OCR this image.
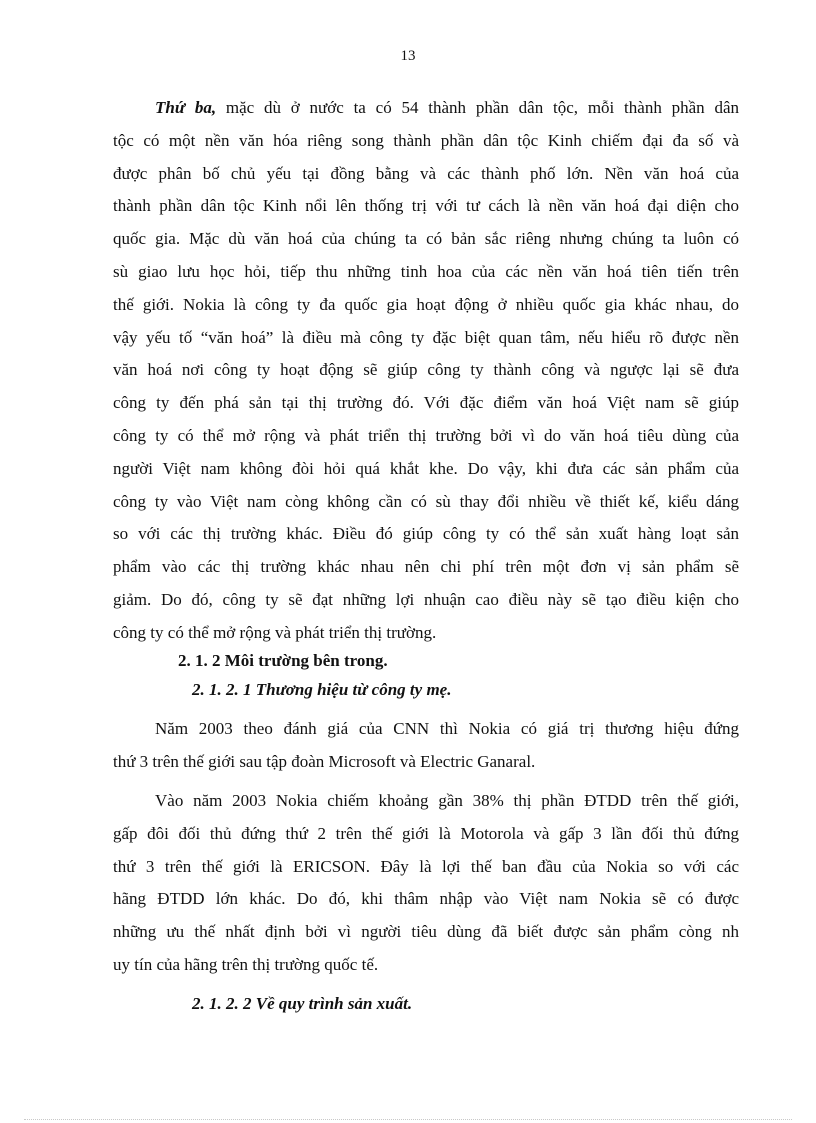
13
Thứ ba, mặc dù ở nước ta có 54 thành phần dân tộc, mỗi thành phần dân
tộc có một nền văn hóa riêng song thành phần dân tộc Kinh chiếm đại đa số và
được phân bố chủ yếu tại đồng bằng và các thành phố lớn. Nền văn hoá của
thành phần dân tộc Kinh nổi lên thống trị với tư cách là nền văn hoá đại diện cho
quốc gia. Mặc dù văn hoá của chúng ta có bản sắc riêng nhưng chúng ta luôn có
sù giao lưu học hỏi, tiếp thu những tinh hoa của các nền văn hoá tiên tiến trên
thế giới. Nokia là công ty đa quốc gia hoạt động ở nhiều quốc gia khác nhau, do
vậy yếu tố “văn hoá” là điều mà công ty đặc biệt quan tâm, nếu hiểu rõ được nền
văn hoá nơi công ty hoạt động sẽ giúp công ty thành công và ngược lại sẽ đưa
công ty đến phá sản tại thị trường đó. Với đặc điểm văn hoá Việt nam sẽ giúp
công ty có thể mở rộng và phát triển thị trường bởi vì do văn hoá tiêu dùng của
người Việt nam không đòi hỏi quá khắt khe. Do vậy, khi đưa các sản phẩm của
công ty vào Việt nam còng không cần có sù thay đổi nhiều về thiết kế, kiểu dáng
so với các thị trường khác. Điều đó giúp công ty có thể sản xuất hàng loạt sản
phẩm vào các thị trường khác nhau nên chi phí trên một đơn vị sản phẩm sẽ
giảm. Do đó, công ty sẽ đạt những lợi nhuận cao điều này sẽ tạo điều kiện cho
công ty có thể mở rộng và phát triển thị trường.
2. 1. 2 Môi trường bên trong.
2. 1. 2. 1 Thương hiệu từ công ty mẹ.
Năm 2003 theo đánh giá của CNN thì Nokia có giá trị thương hiệu đứng
thứ 3 trên thế giới sau tập đoàn Microsoft và Electric Ganaral.
Vào năm 2003 Nokia chiếm khoảng gần 38% thị phần ĐTDD trên thế giới,
gấp đôi đối thủ đứng thứ 2 trên thế giới là Motorola và gấp 3 lần đối thủ đứng
thứ 3 trên thế giới là ERICSON. Đây là lợi thế ban đầu của Nokia so với các
hãng ĐTDD lớn khác. Do đó, khi thâm nhập vào Việt nam Nokia sẽ có được
những ưu thế nhất định bởi vì người tiêu dùng đã biết được sản phẩm còng nh
uy tín của hãng trên thị trường quốc tế.
2. 1. 2. 2 Về quy trình sản xuất.
